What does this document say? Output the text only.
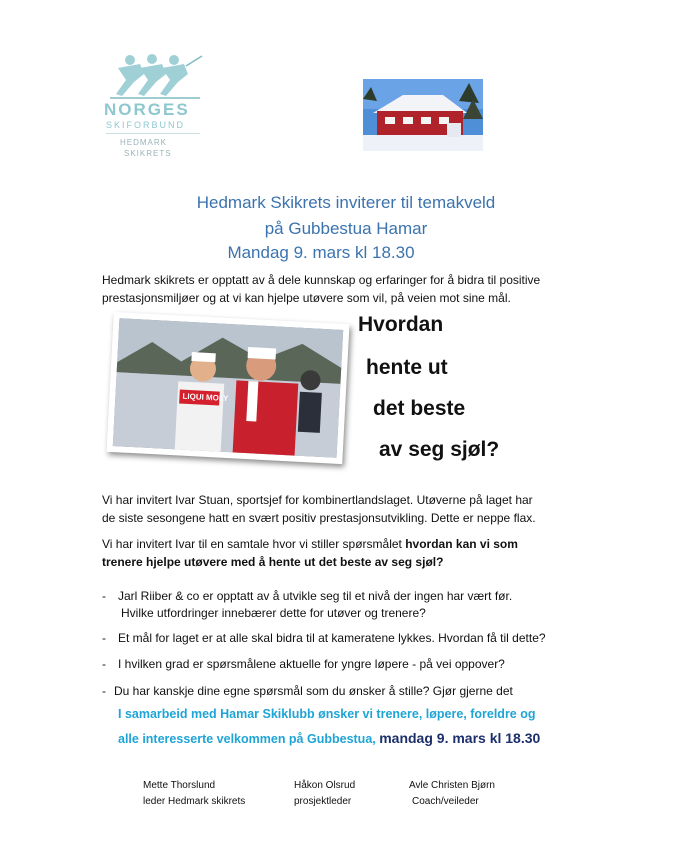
NORGES
SKIFORBUND
HEDMARK
SKIKRETS
Hedmark Skikrets inviterer til temakveld
på Gubbestua Hamar
Mandag 9. mars kl 18.30
Hedmark skikrets er opptatt av å dele kunnskap og erfaringer for å bidra til positive
prestasjonsmiljøer og at vi kan hjelpe utøvere som vil, på veien mot sine mål.
LIQUI MOLY
Hvordan
hente ut
det beste
av seg sjøl?
Vi har invitert Ivar Stuan, sportsjef for kombinertlandslaget. Utøverne på laget har
de siste sesongene hatt en svært positiv prestasjonsutvikling. Dette er neppe flax.
Vi har invitert Ivar til en samtale hvor vi stiller spørsmålet hvordan kan vi som
trenere hjelpe utøvere med å hente ut det beste av seg sjøl?
- Jarl Riiber & co er opptatt av å utvikle seg til et nivå der ingen har vært før.
Hvilke utfordringer innebærer dette for utøver og trenere?
- Et mål for laget er at alle skal bidra til at kameratene lykkes. Hvordan få til dette?
- I hvilken grad er spørsmålene aktuelle for yngre løpere - på vei oppover?
- Du har kanskje dine egne spørsmål som du ønsker å stille? Gjør gjerne det
I samarbeid med Hamar Skiklubb ønsker vi trenere, løpere, foreldre og
alle interesserte velkommen på Gubbestua, mandag 9. mars kl 18.30
Mette Thorslund
leder Hedmark skikrets
Håkon Olsrud
prosjektleder
Avle Christen Bjørn
Coach/veileder
